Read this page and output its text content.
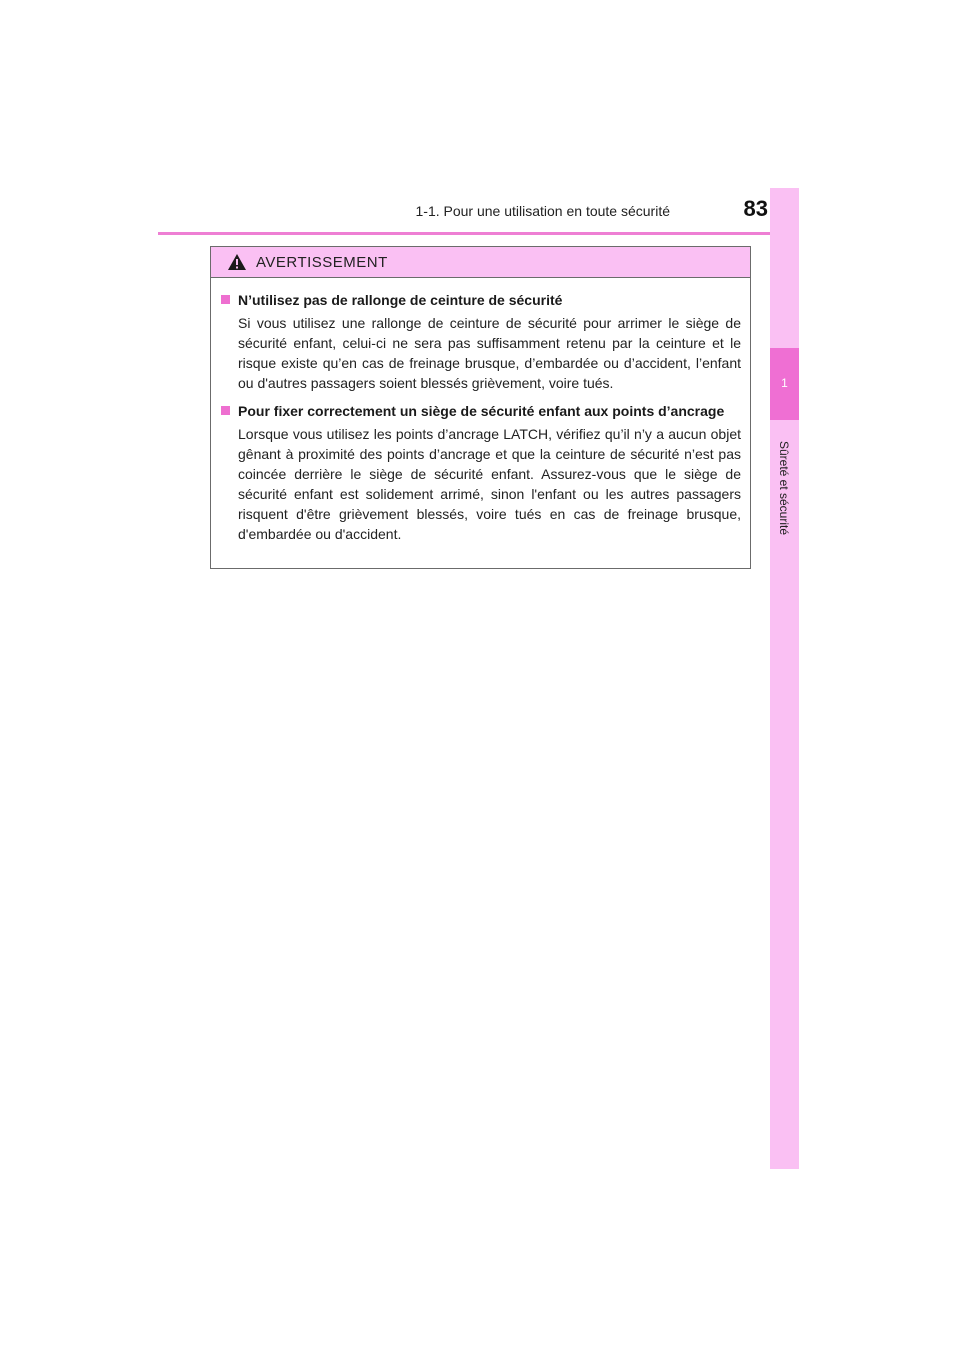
1-1. Pour une utilisation en toute sécurité	83
1
Sûreté et sécurité
AVERTISSEMENT
N’utilisez pas de rallonge de ceinture de sécurité
Si vous utilisez une rallonge de ceinture de sécurité pour arrimer le siège de sécurité enfant, celui-ci ne sera pas suffisamment retenu par la ceinture et le risque existe qu’en cas de freinage brusque, d’embardée ou d’accident, l’enfant ou d'autres passagers soient blessés grièvement, voire tués.
Pour fixer correctement un siège de sécurité enfant aux points d’ancrage
Lorsque vous utilisez les points d’ancrage LATCH, vérifiez qu’il n’y a aucun objet gênant à proximité des points d’ancrage et que la ceinture de sécurité n’est pas coincée derrière le siège de sécurité enfant. Assurez-vous que le siège de sécurité enfant est solidement arrimé, sinon l'enfant ou les autres passagers risquent d'être grièvement blessés, voire tués en cas de freinage brusque, d'embardée ou d'accident.
